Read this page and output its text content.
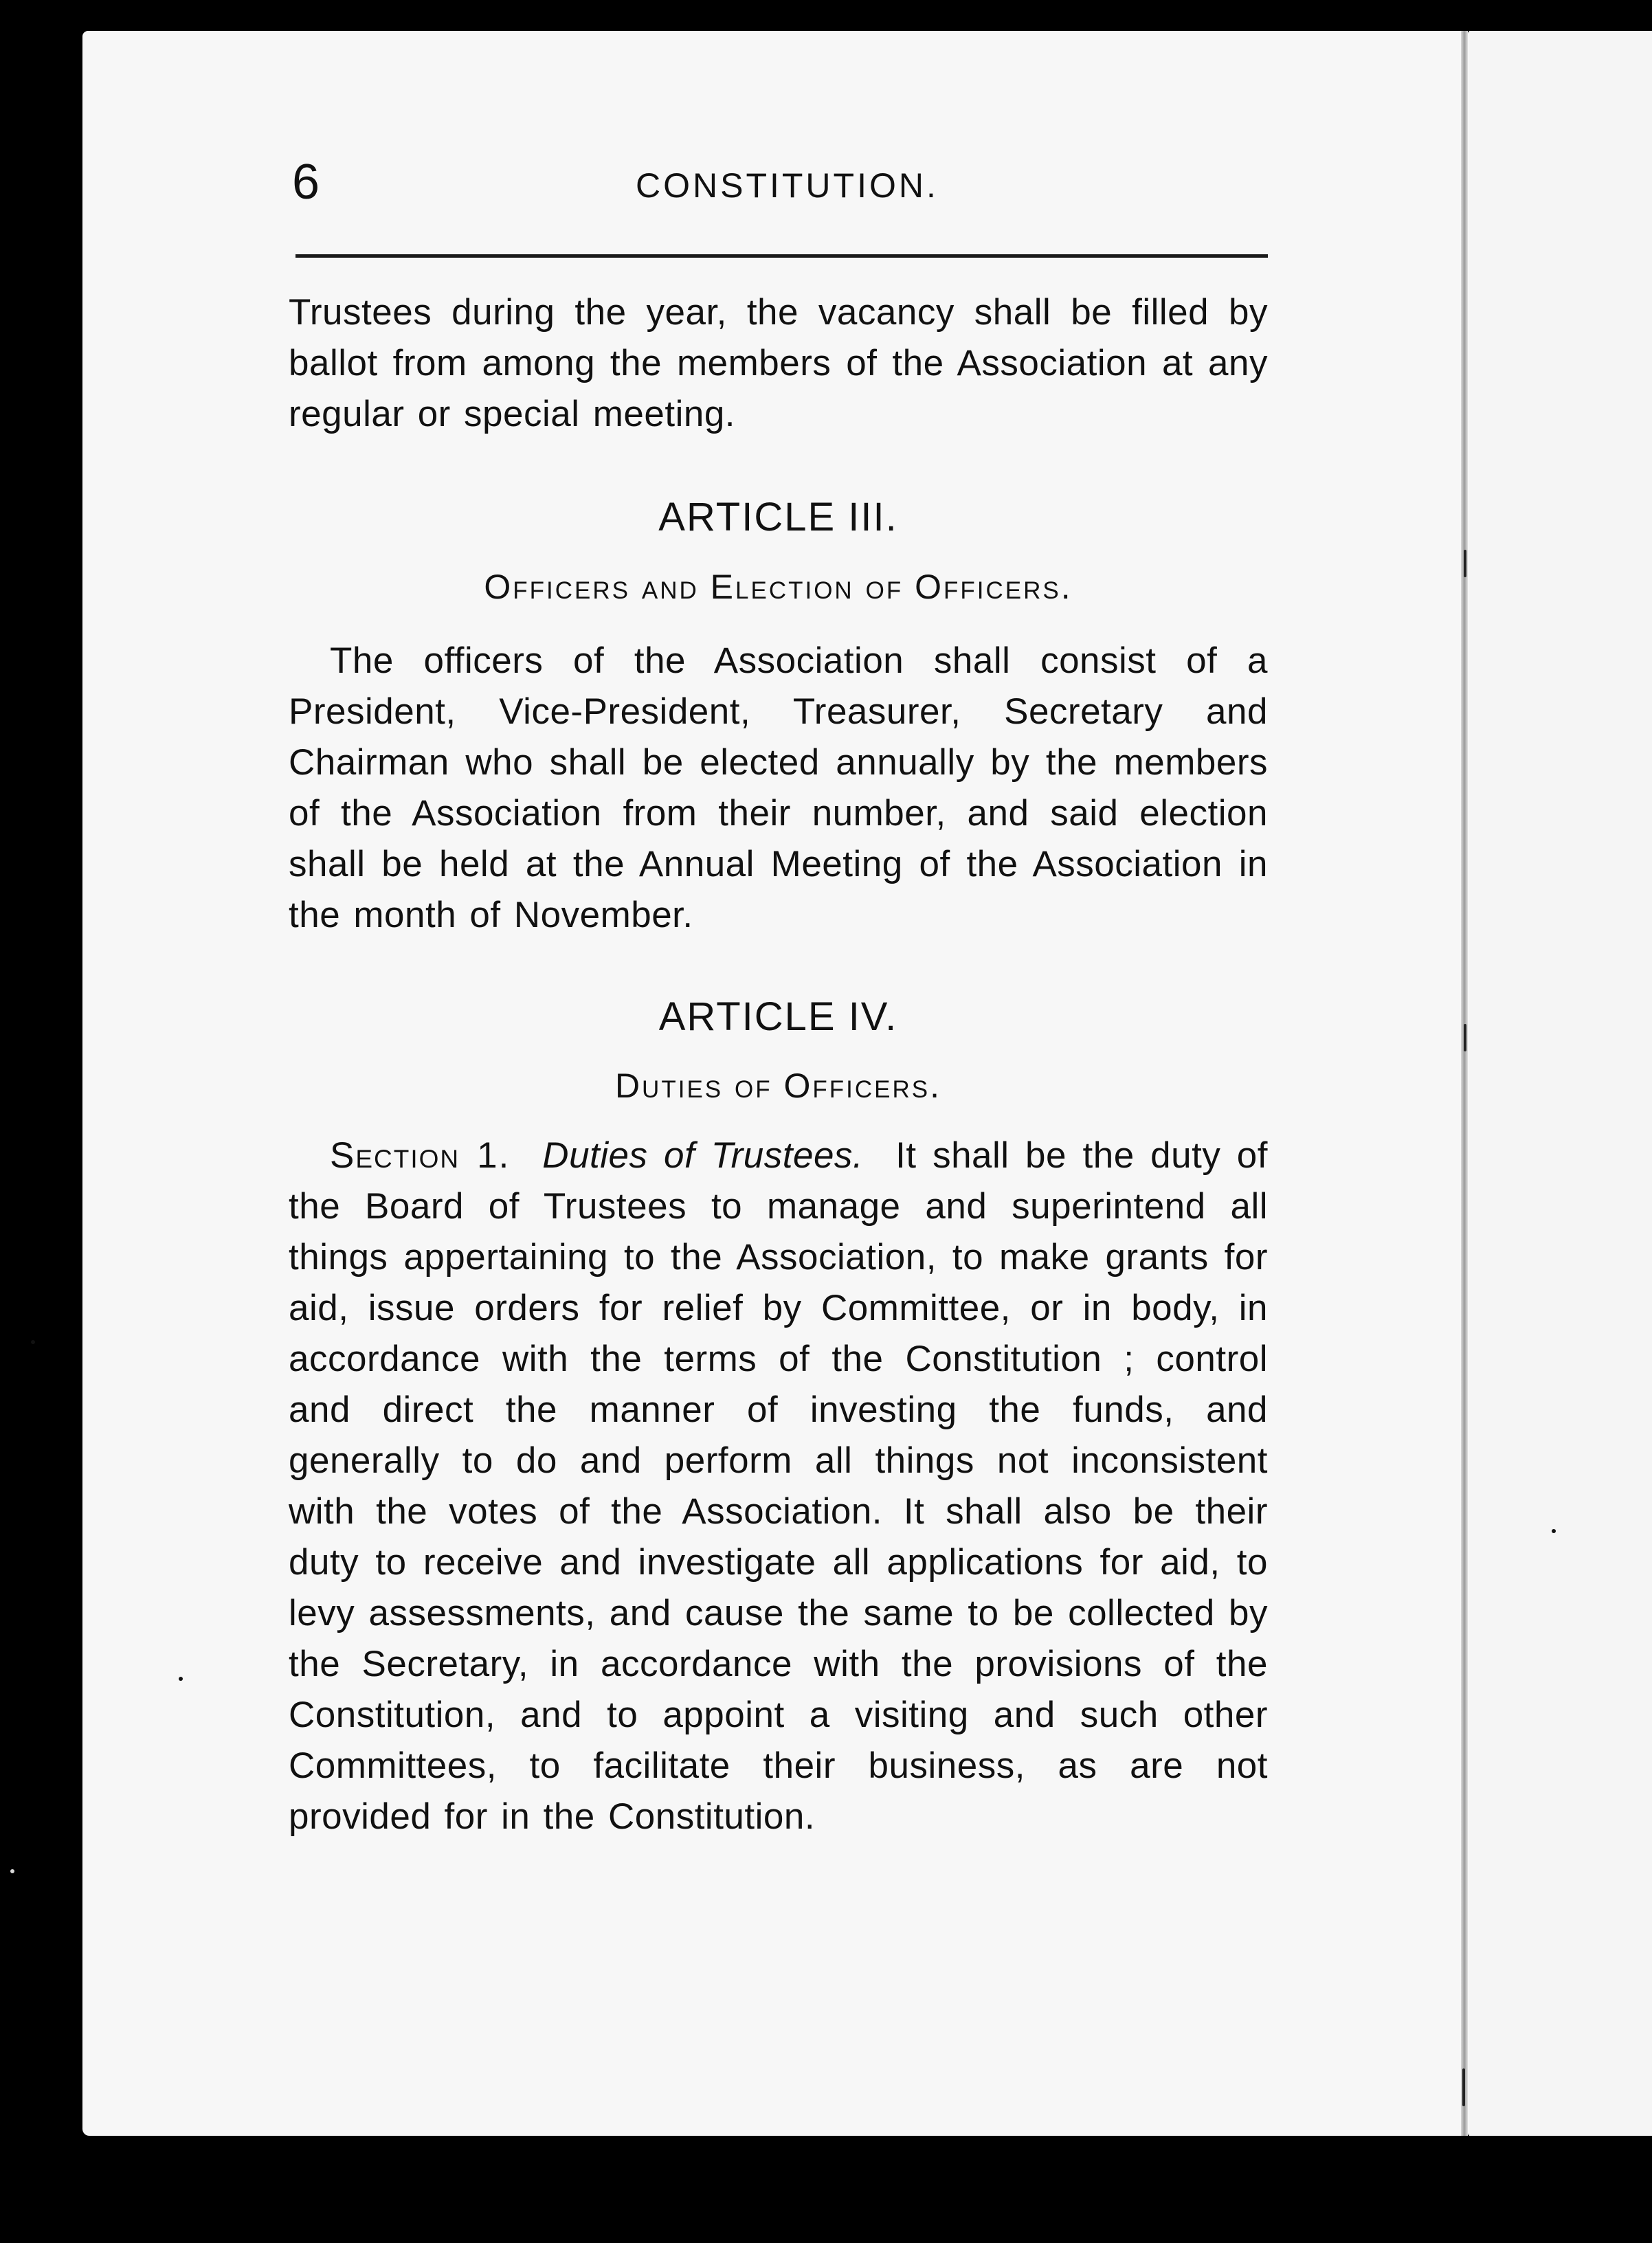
6	CONSTITUTION.
Trustees during the year, the vacancy shall be filled by ballot from among the members of the Association at any regular or special meeting.
ARTICLE III.
Officers and Election of Officers.
The officers of the Association shall consist of a President, Vice-President, Treasurer, Secretary and Chairman who shall be elected annually by the members of the Association from their number, and said election shall be held at the Annual Meeting of the Association in the month of November.
ARTICLE IV.
Duties of Officers.
Section 1. Duties of Trustees. It shall be the duty of the Board of Trustees to manage and superintend all things appertaining to the Association, to make grants for aid, issue orders for relief by Committee, or in body, in accordance with the terms of the Constitution ; control and direct the manner of investing the funds, and generally to do and perform all things not inconsistent with the votes of the Association. It shall also be their duty to receive and investigate all applications for aid, to levy assessments, and cause the same to be collected by the Secretary, in accordance with the provisions of the Constitution, and to appoint a visiting and such other Committees, to facilitate their business, as are not provided for in the Constitution.
